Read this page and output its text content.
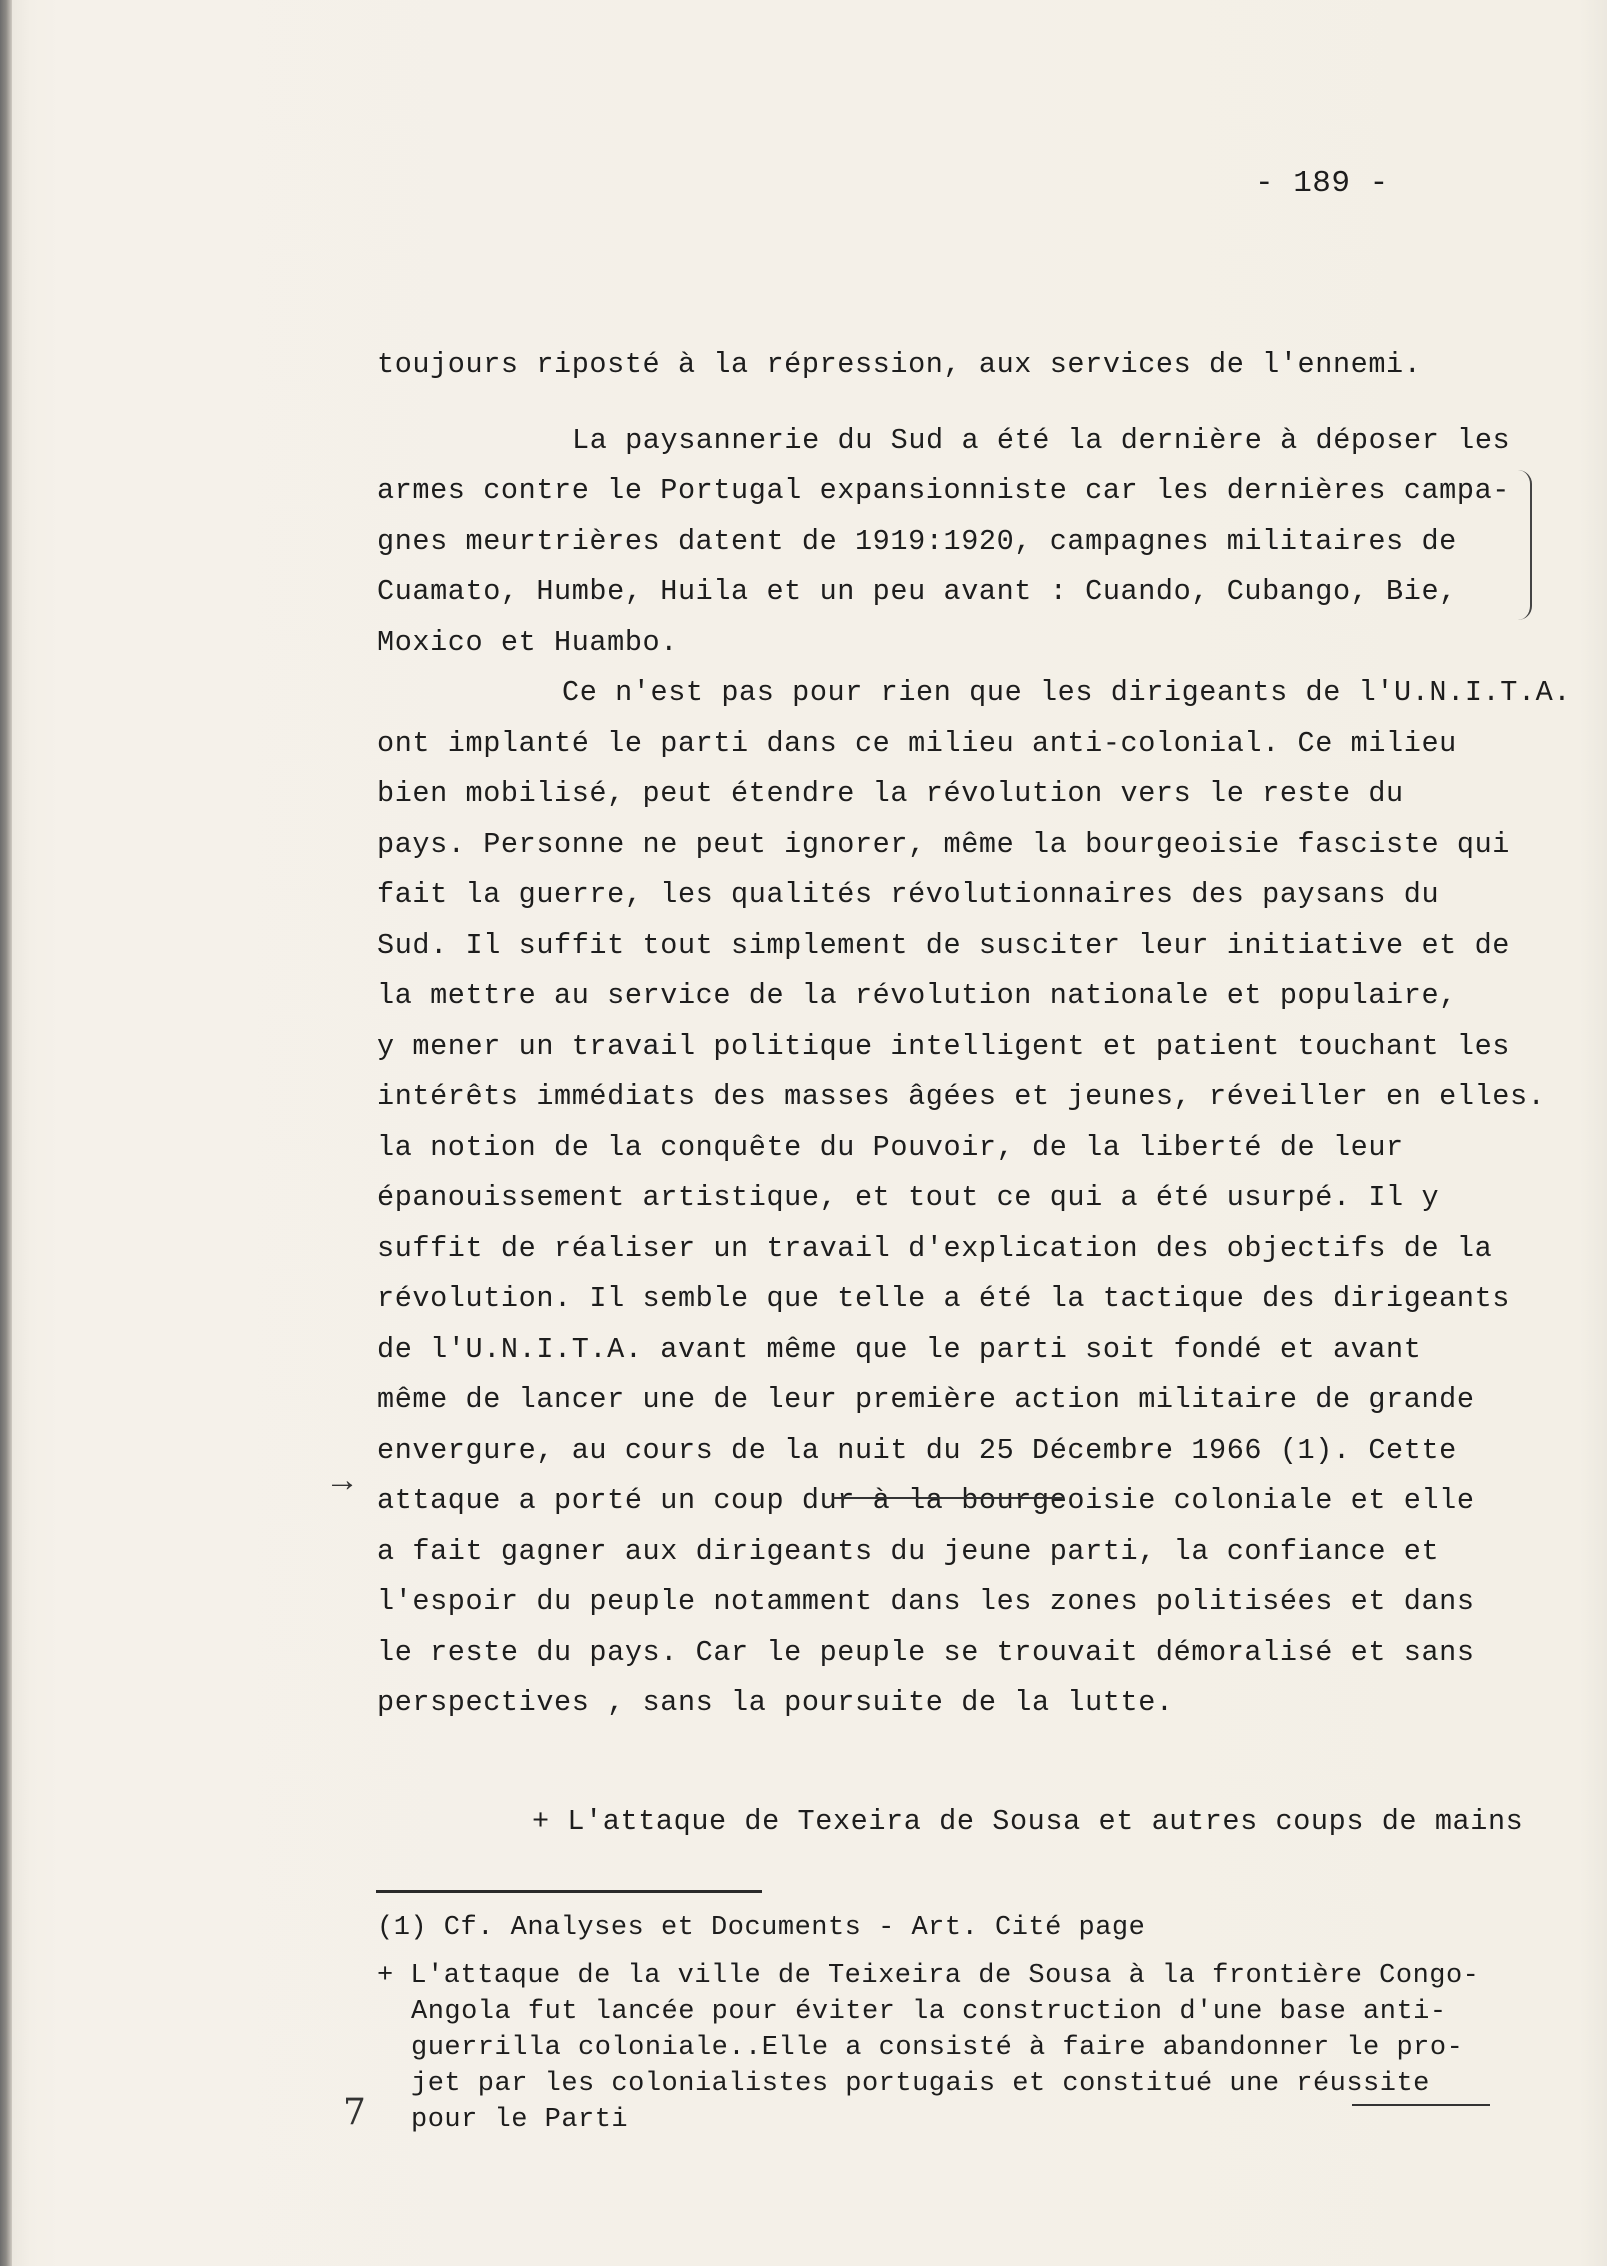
- 189 -
toujours riposté à la répression, aux services de l'ennemi.
La paysannerie du Sud a été la dernière à déposer les
armes contre le Portugal expansionniste car les dernières campa-
gnes meurtrières datent de 1919:1920, campagnes militaires de
Cuamato, Humbe, Huila et un peu avant : Cuando, Cubango, Bie,
Moxico et Huambo.
Ce n'est pas pour rien que les dirigeants de l'U.N.I.T.A.
ont implanté le parti dans ce milieu anti-colonial. Ce milieu
bien mobilisé, peut étendre la révolution vers le reste du
pays. Personne ne peut ignorer, même la bourgeoisie fasciste qui
fait la guerre, les qualités révolutionnaires des paysans du
Sud. Il suffit tout simplement de susciter leur initiative et de
la mettre au service de la révolution nationale et populaire,
y mener un travail politique intelligent et patient touchant les
intérêts immédiats des masses âgées et jeunes, réveiller en elles.
la notion de la conquête du Pouvoir, de la liberté de leur
épanouissement artistique, et tout ce qui a été usurpé. Il y
suffit de réaliser un travail d'explication des objectifs de la
révolution. Il semble que telle a été la tactique des dirigeants
de l'U.N.I.T.A. avant même que le parti soit fondé et avant
même de lancer une de leur première action militaire de grande
envergure, au cours de la nuit du 25 Décembre 1966 (1). Cette
attaque a porté un coup dur à la bourgeoisie coloniale et elle
a fait gagner aux dirigeants du jeune parti, la confiance et
l'espoir du peuple notamment dans les zones politisées et dans
le reste du pays. Car le peuple se trouvait démoralisé et sans
perspectives , sans la poursuite de la lutte.
+ L'attaque de Texeira de Sousa et autres coups de mains
(1) Cf. Analyses et Documents - Art. Cité page
+ L'attaque de la ville de Teixeira de Sousa à la frontière Congo-
Angola fut lancée pour éviter la construction d'une base anti-
guerrilla coloniale..Elle a consisté à faire abandonner le pro-
jet par les colonialistes portugais et constitué une réussite
pour le Parti
→
7
